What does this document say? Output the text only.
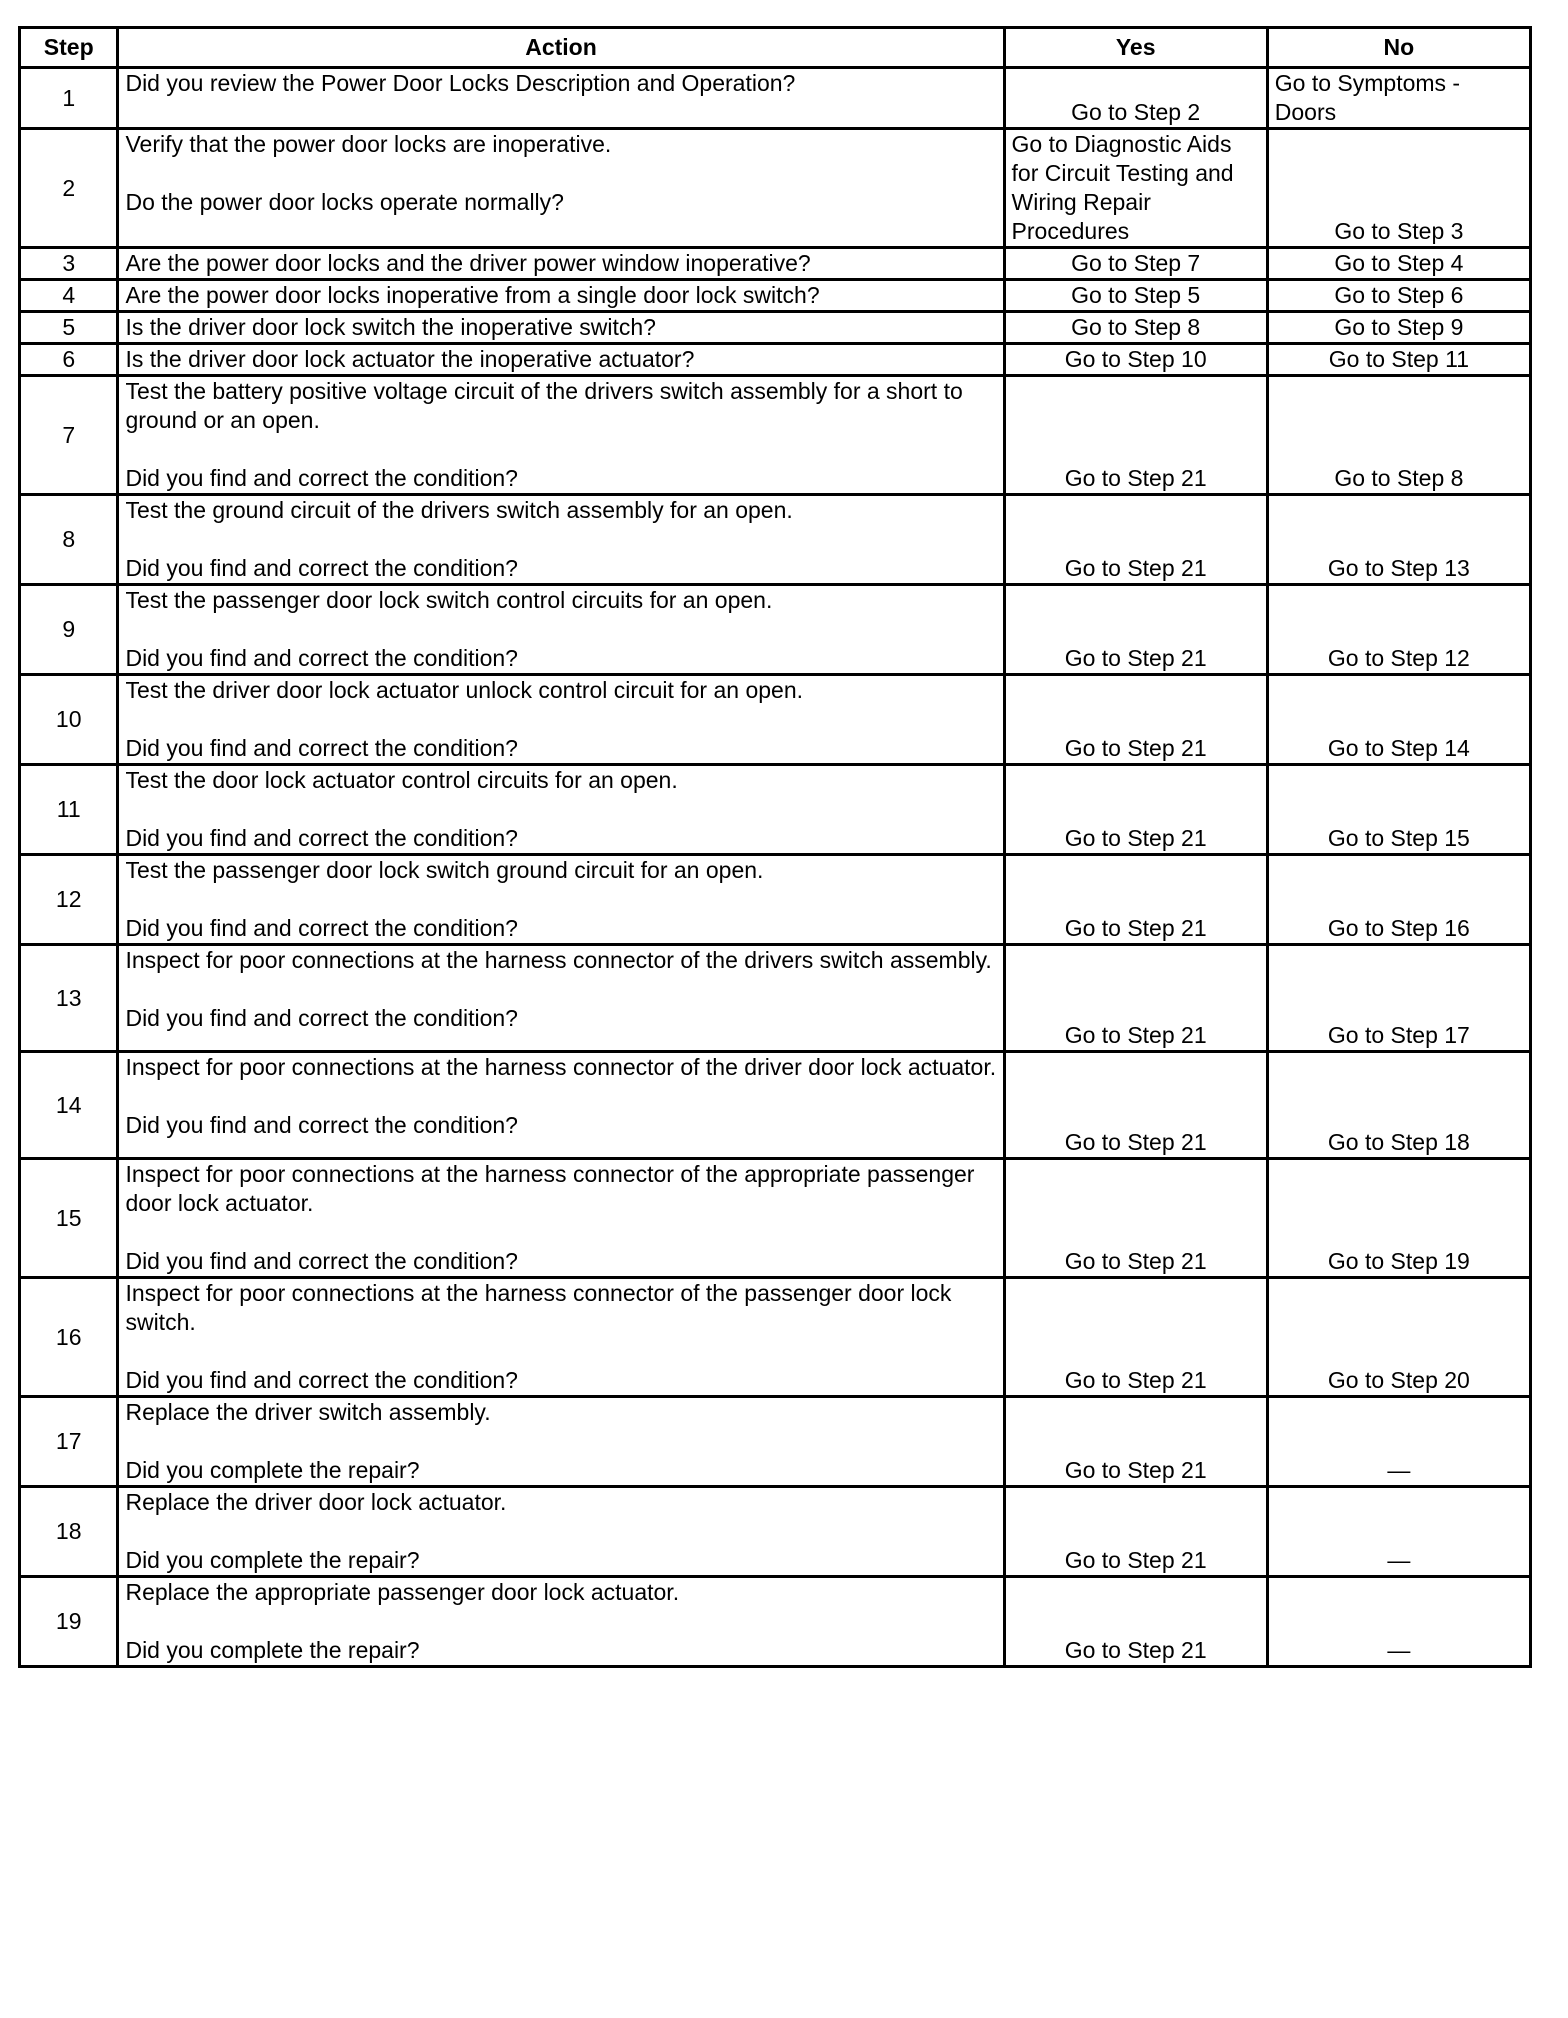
Step	Action	Yes	No
1	Did you review the Power Door Locks Description and Operation?	Go to Step 2	Go to Symptoms - Doors
2	Verify that the power door locks are inoperative.
Do the power door locks operate normally?	Go to Diagnostic Aids for Circuit Testing and Wiring Repair Procedures	Go to Step 3
3	Are the power door locks and the driver power window inoperative?	Go to Step 7	Go to Step 4
4	Are the power door locks inoperative from a single door lock switch?	Go to Step 5	Go to Step 6
5	Is the driver door lock switch the inoperative switch?	Go to Step 8	Go to Step 9
6	Is the driver door lock actuator the inoperative actuator?	Go to Step 10	Go to Step 11
7	Test the battery positive voltage circuit of the drivers switch assembly for a short to ground or an open.
Did you find and correct the condition?	Go to Step 21	Go to Step 8
8	Test the ground circuit of the drivers switch assembly for an open.
Did you find and correct the condition?	Go to Step 21	Go to Step 13
9	Test the passenger door lock switch control circuits for an open.
Did you find and correct the condition?	Go to Step 21	Go to Step 12
10	Test the driver door lock actuator unlock control circuit for an open.
Did you find and correct the condition?	Go to Step 21	Go to Step 14
11	Test the door lock actuator control circuits for an open.
Did you find and correct the condition?	Go to Step 21	Go to Step 15
12	Test the passenger door lock switch ground circuit for an open.
Did you find and correct the condition?	Go to Step 21	Go to Step 16
13	Inspect for poor connections at the harness connector of the drivers switch assembly.
Did you find and correct the condition?	Go to Step 21	Go to Step 17
14	Inspect for poor connections at the harness connector of the driver door lock actuator.
Did you find and correct the condition?	Go to Step 21	Go to Step 18
15	Inspect for poor connections at the harness connector of the appropriate passenger door lock actuator.
Did you find and correct the condition?	Go to Step 21	Go to Step 19
16	Inspect for poor connections at the harness connector of the passenger door lock switch.
Did you find and correct the condition?	Go to Step 21	Go to Step 20
17	Replace the driver switch assembly.
Did you complete the repair?	Go to Step 21	—
18	Replace the driver door lock actuator.
Did you complete the repair?	Go to Step 21	—
19	Replace the appropriate passenger door lock actuator.
Did you complete the repair?	Go to Step 21	—
